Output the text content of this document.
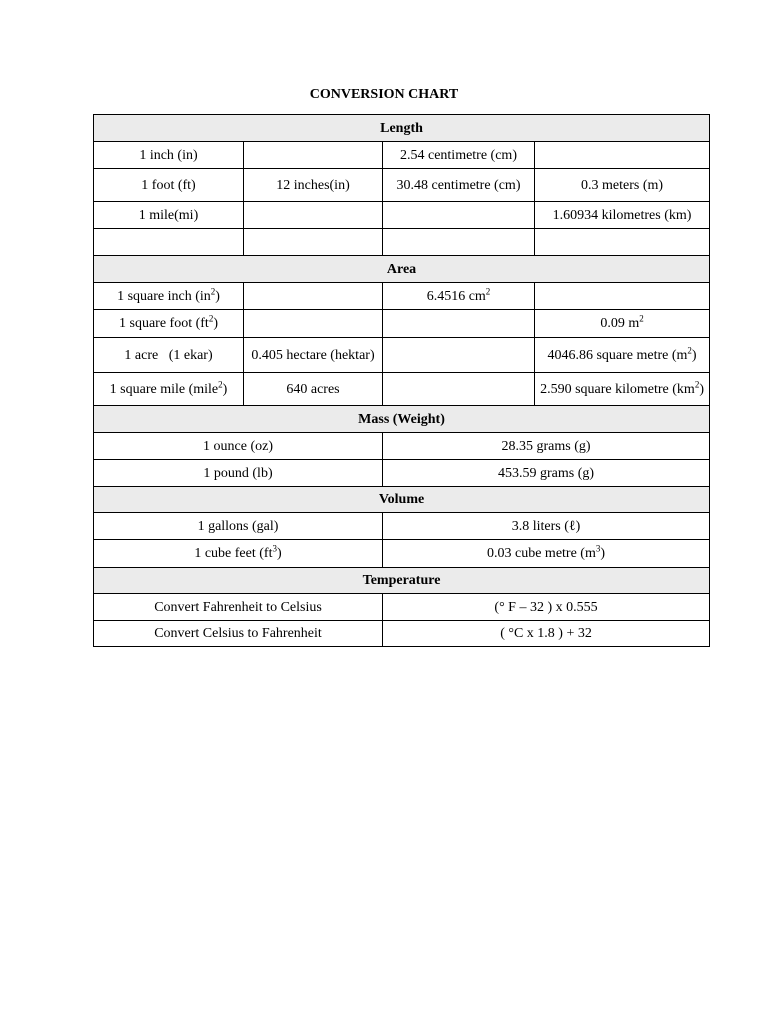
CONVERSION CHART
Length			
1 inch (in)		2.54 centimetre (cm)	
1 foot (ft)	12 inches(in)	30.48 centimetre (cm)	0.3 meters (m)
1 mile(mi)			1.60934 kilometres (km)

Area			
1 square inch $(in^2)$		6.4516 $cm^2$	
1 square foot $(ft^2)$			0.09 $m^2$
1 acre   (1 ekar)	0.405 hectare (hektar)		4046.86 square metre $(m^2)$
1 square mile (mile$^2$)	640 acres		2.590 square kilometre $(km^2)$
Mass (Weight)			
1 ounce (oz)		28.35 grams (g)	
1 pound (lb)		453.59 grams (g)	
Volume			
1 gallons (gal)		3.8 liters (ℓ)	
1 cube feet $(ft^3)$		0.03 cube metre $(m^3)$	
Temperature			
Convert Fahrenheit to Celsius		(° F – 32 ) x 0.555	
Convert Celsius to Fahrenheit		( °C x 1.8 ) + 32	
